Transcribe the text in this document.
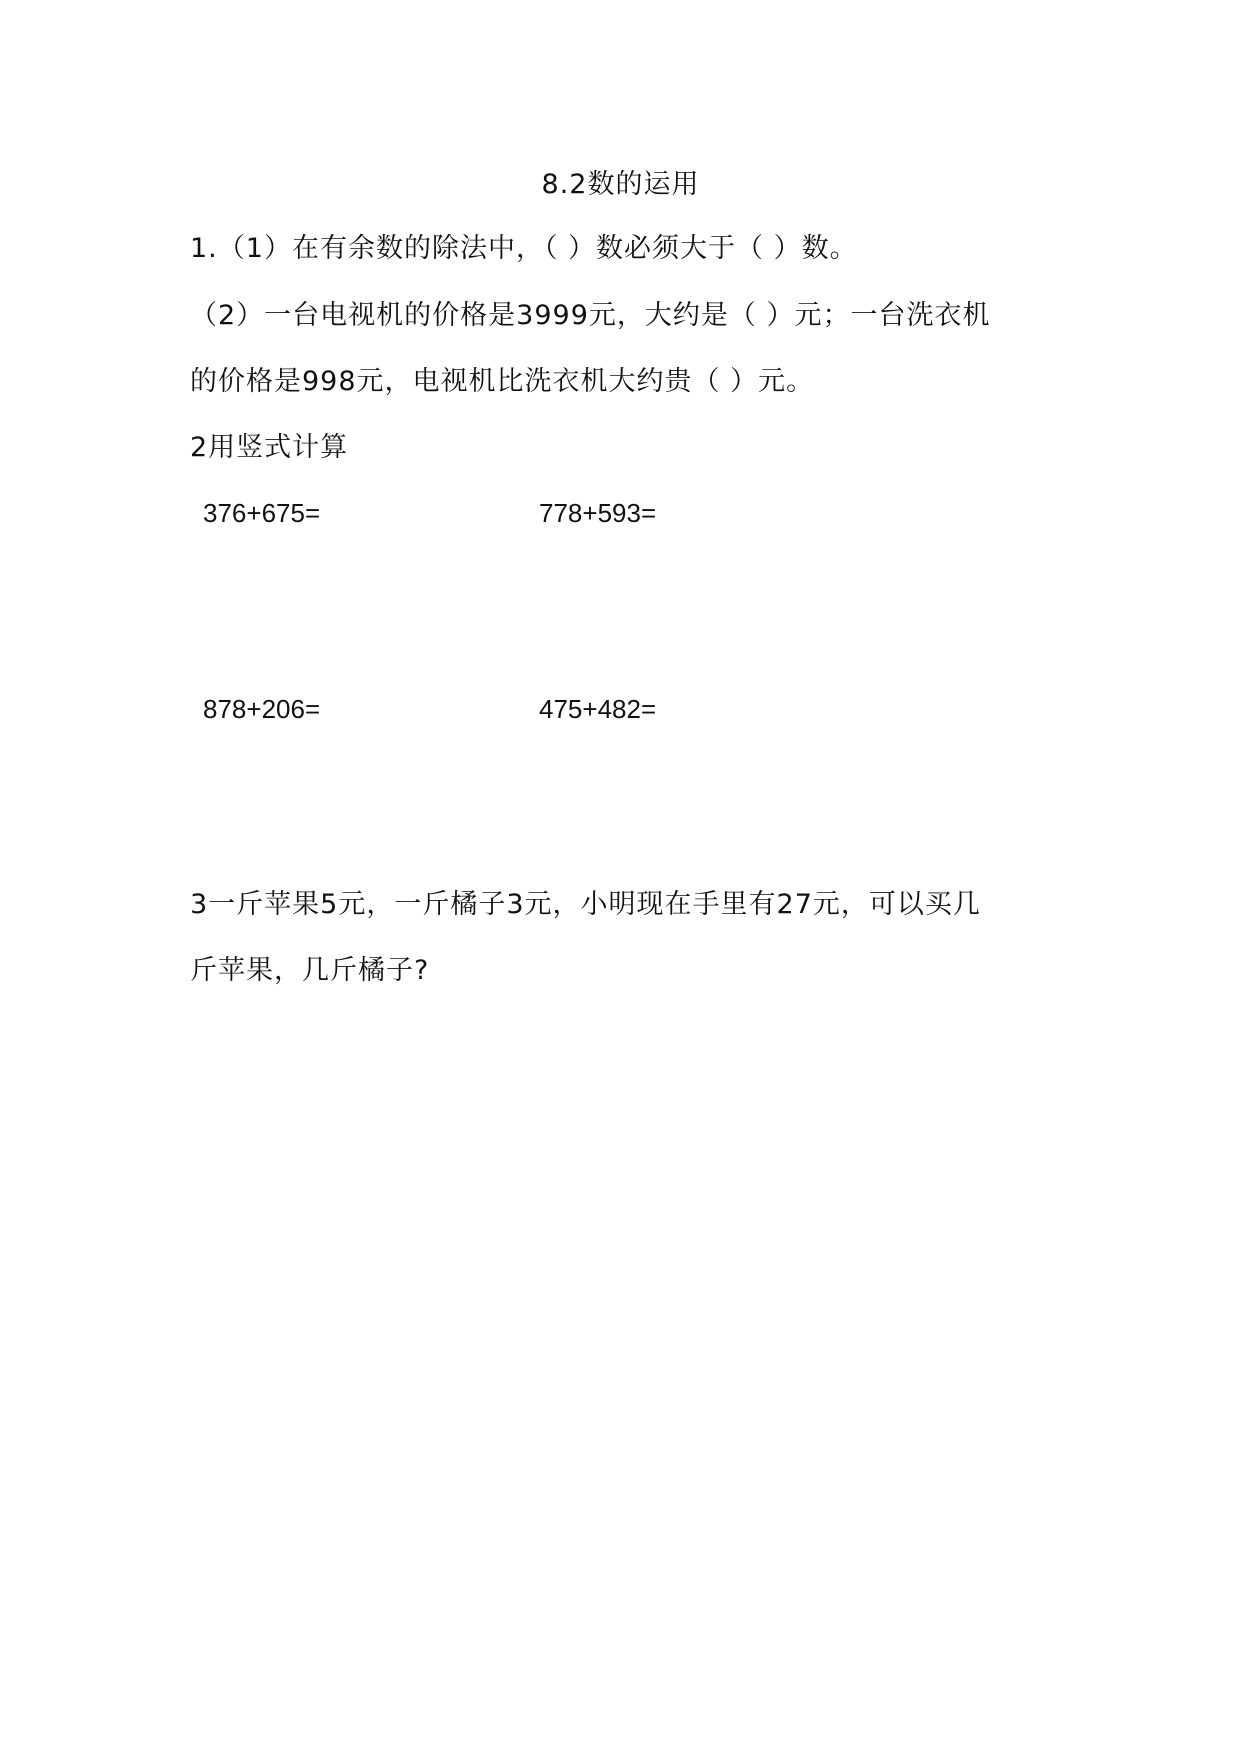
8.2数的运用
1.（1）在有余数的除法中，（ ）数必须大于（ ）数。
（2）一台电视机的价格是3999元，大约是（ ）元；一台洗衣机
的价格是998元，电视机比洗衣机大约贵（ ）元。
2用竖式计算
376+675=	778+593=
878+206=	475+482=
3一斤苹果5元，一斤橘子3元，小明现在手里有27元，可以买几
斤苹果，几斤橘子?
